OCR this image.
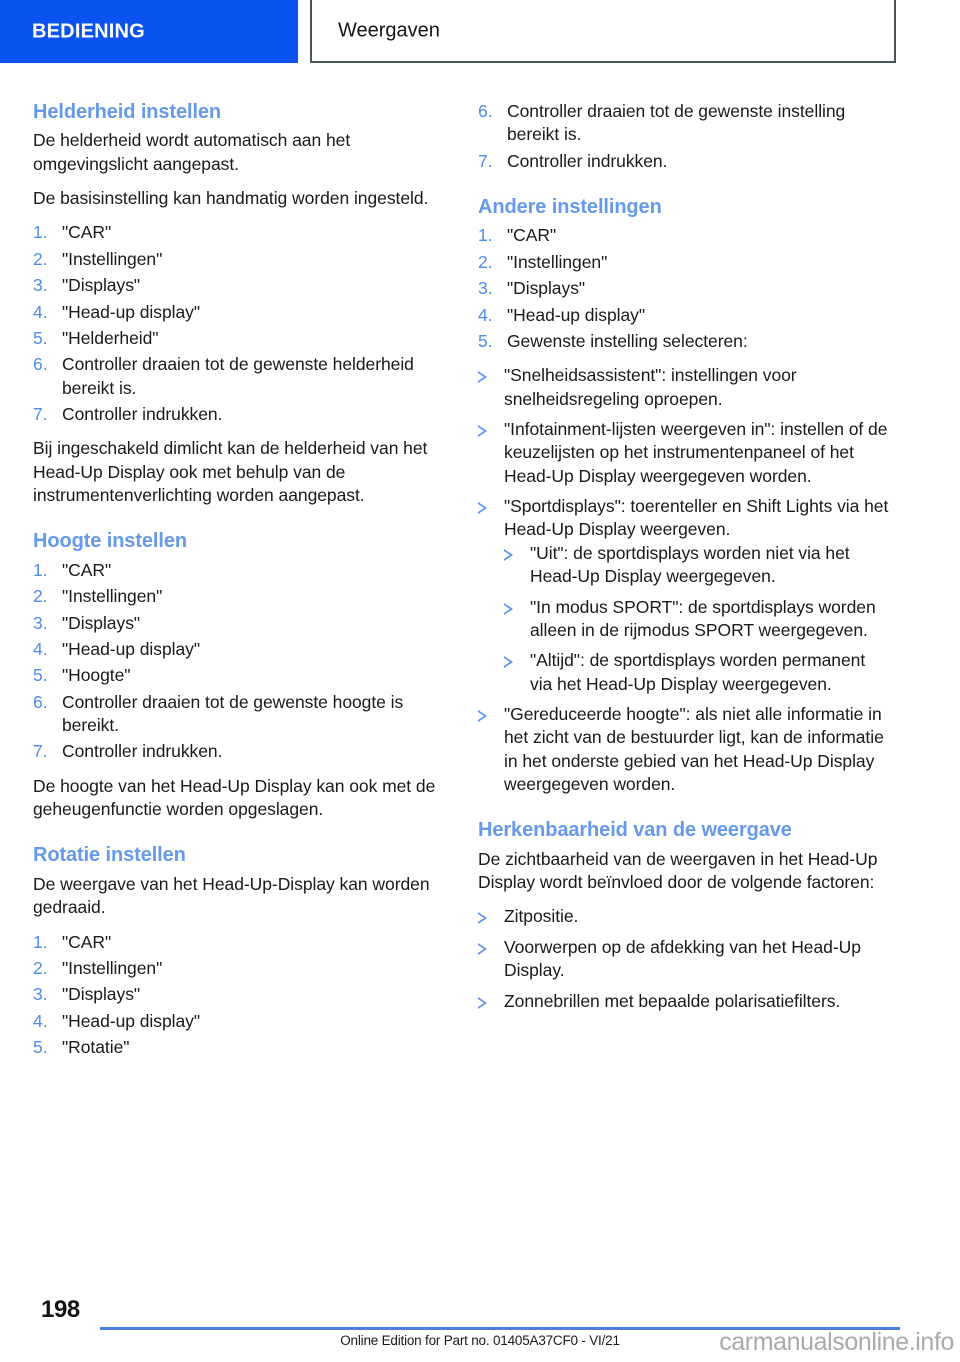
BEDIENING	Weergaven
Helderheid instellen

De helderheid wordt automatisch aan het omgevingslicht aangepast.

De basisinstelling kan handmatig worden ingesteld.

"CAR"
"Instellingen"
"Displays"
"Head-up display"
"Helderheid"
Controller draaien tot de gewenste helderheid bereikt is.
Controller indrukken.

Bij ingeschakeld dimlicht kan de helderheid van het Head-Up Display ook met behulp van de instrumentenverlichting worden aangepast.

Hoogte instellen
"CAR"
"Instellingen"
"Displays"
"Head-up display"
"Hoogte"
Controller draaien tot de gewenste hoogte is bereikt.
Controller indrukken.

De hoogte van het Head-Up Display kan ook met de geheugenfunctie worden opgeslagen.

Rotatie instellen

De weergave van het Head-Up-Display kan worden gedraaid.

"CAR"
"Instellingen"
"Displays"
"Head-up display"
"Rotatie"
Controller draaien tot de gewenste instelling bereikt is.
Controller indrukken.
Andere instellingen
"CAR"
"Instellingen"
"Displays"
"Head-up display"
Gewenste instelling selecteren:
"Snelheidsassistent": instellingen voor snelheidsregeling oproepen.
"Infotainment-lijsten weergeven in": instellen of de keuzelijsten op het instrumentenpaneel of het Head-Up Display weergegeven worden.
"Sportdisplays": toerenteller en Shift Lights via het Head-Up Display weergeven.
"Uit": de sportdisplays worden niet via het Head-Up Display weergegeven.
"In modus SPORT": de sportdisplays worden alleen in de rijmodus SPORT weergegeven.
"Altijd": de sportdisplays worden permanent via het Head-Up Display weergegeven.
"Gereduceerde hoogte": als niet alle informatie in het zicht van de bestuurder ligt, kan de informatie in het onderste gebied van het Head-Up Display weergegeven worden.
Herkenbaarheid van de weergave

De zichtbaarheid van de weergaven in het Head-Up Display wordt beïnvloed door de volgende factoren:

Zitpositie.
Voorwerpen op de afdekking van het Head-Up Display.
Zonnebrillen met bepaalde polarisatiefilters.
198
Online Edition for Part no. 01405A37CF0 - VI/21	carmanualsonline.info
